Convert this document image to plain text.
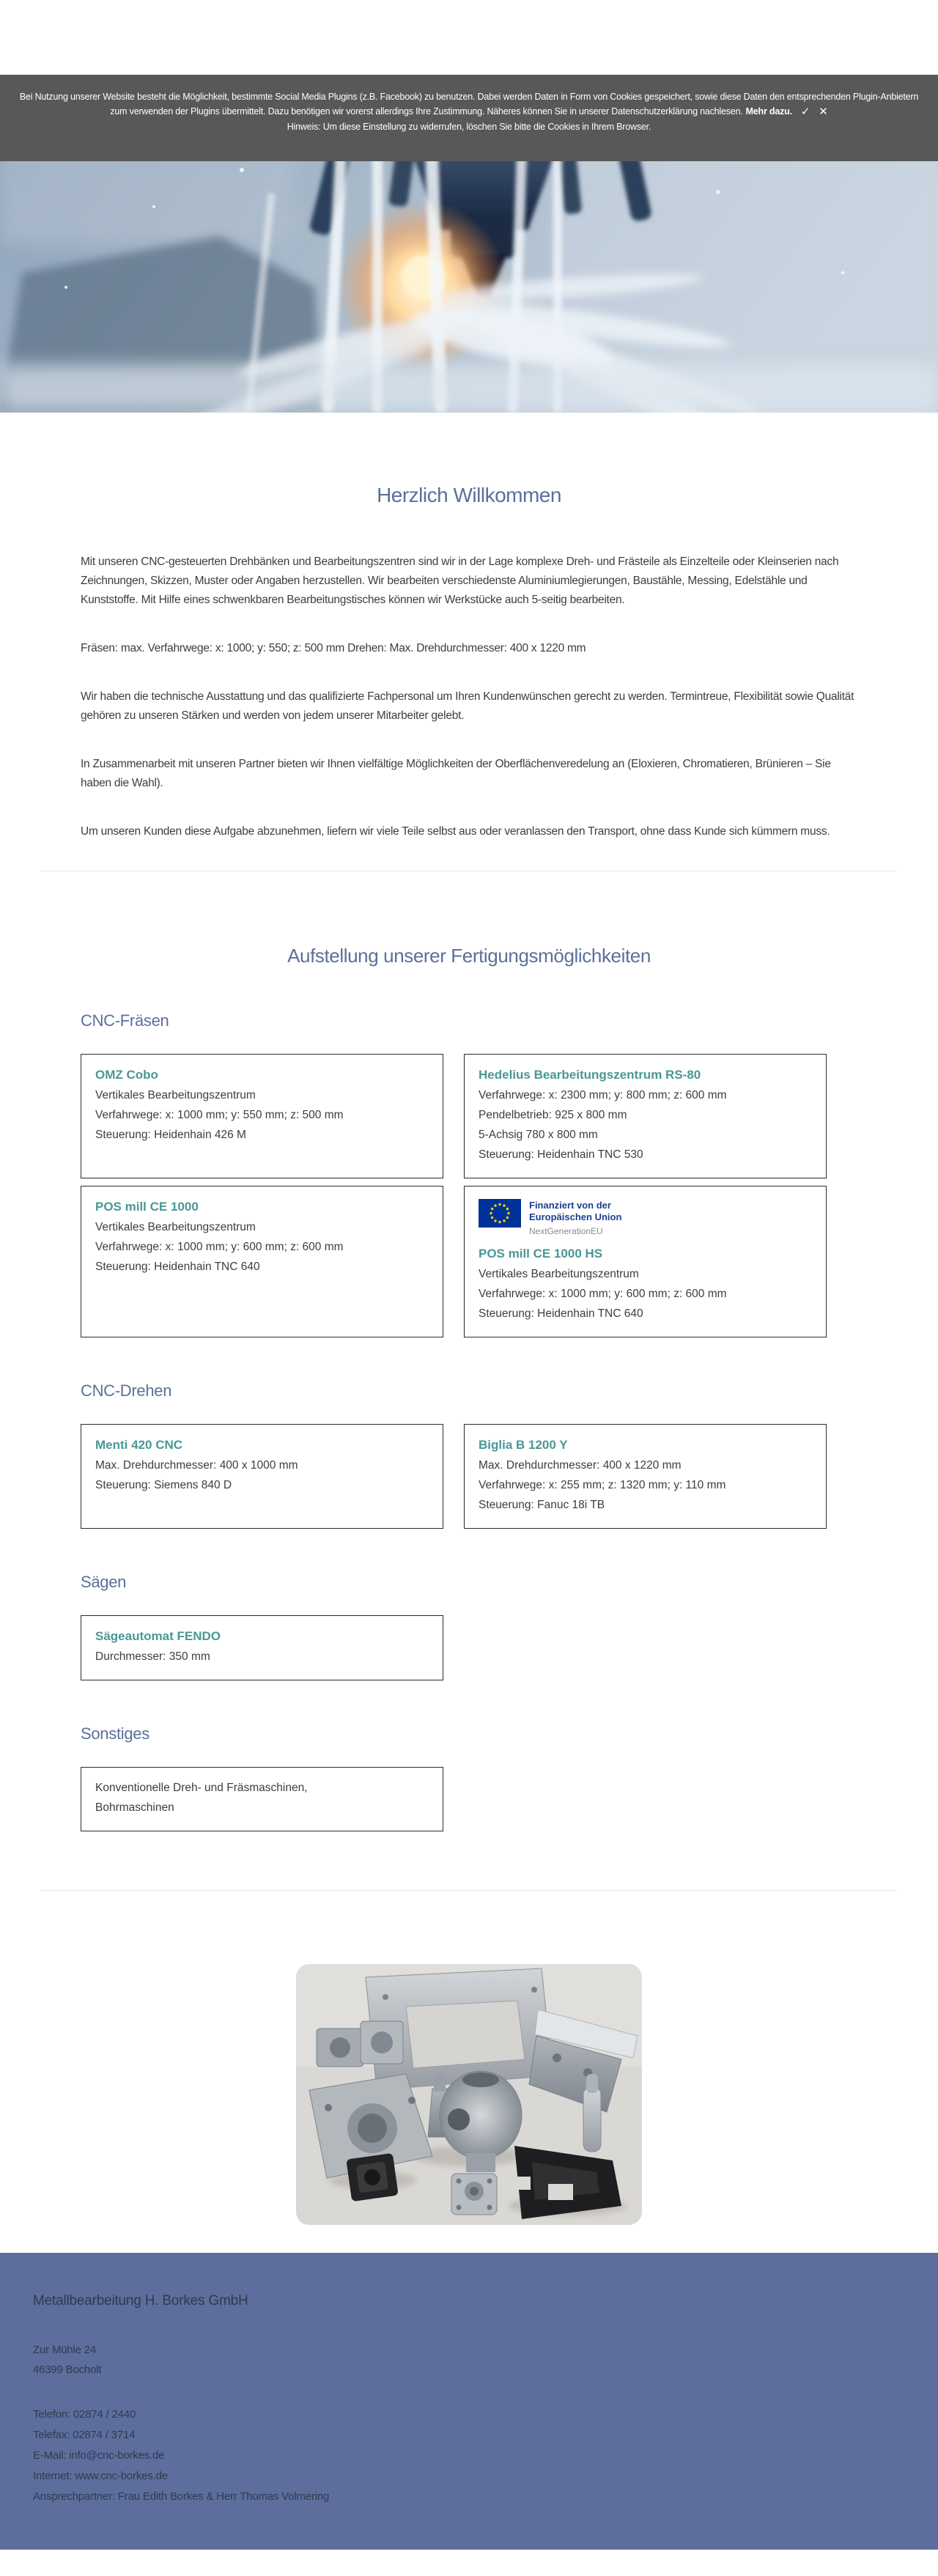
Bei Nutzung unserer Website besteht die Möglichkeit, bestimmte Social Media Plugins (z.B. Facebook) zu benutzen. Dabei werden Daten in Form von Cookies gespeichert, sowie diese Daten den entsprechenden Plugin-Anbietern zum verwenden der Plugins übermittelt. Dazu benötigen wir vorerst allerdings Ihre Zustimmung. Näheres können Sie in unserer Datenschutzerklärung nachlesen. Mehr dazu. ✓ ✕
Hinweis: Um diese Einstellung zu widerrufen, löschen Sie bitte die Cookies in Ihrem Browser.
Herzlich Willkommen

Mit unseren CNC-gesteuerten Drehbänken und Bearbeitungszentren sind wir in der Lage komplexe Dreh- und Frästeile als Einzelteile oder Kleinserien nach Zeichnungen, Skizzen, Muster oder Angaben herzustellen. Wir bearbeiten verschiedenste Aluminiumlegierungen, Baustähle, Messing, Edelstähle und Kunststoffe. Mit Hilfe eines schwenkbaren Bearbeitungstisches können wir Werkstücke auch 5-seitig bearbeiten.

Fräsen: max. Verfahrwege: x: 1000; y: 550; z: 500 mm Drehen: Max. Drehdurchmesser: 400 x 1220 mm

Wir haben die technische Ausstattung und das qualifizierte Fachpersonal um Ihren Kundenwünschen gerecht zu werden. Termintreue, Flexibilität sowie Qualität gehören zu unseren Stärken und werden von jedem unserer Mitarbeiter gelebt.

In Zusammenarbeit mit unseren Partner bieten wir Ihnen vielfältige Möglichkeiten der Oberflächenveredelung an (Eloxieren, Chromatieren, Brünieren – Sie haben die Wahl).

Um unseren Kunden diese Aufgabe abzunehmen, liefern wir viele Teile selbst aus oder veranlassen den Transport, ohne dass Kunde sich kümmern muss.

Aufstellung unserer Fertigungsmöglichkeiten
CNC-Fräsen

OMZ Cobo

Vertikales Bearbeitungszentrum

Verfahrwege: x: 1000 mm; y: 550 mm; z: 500 mm

Steuerung: Heidenhain 426 M

Hedelius Bearbeitungszentrum RS-80

Verfahrwege: x: 2300 mm; y: 800 mm; z: 600 mm

Pendelbetrieb: 925 x 800 mm

5-Achsig 780 x 800 mm

Steuerung: Heidenhain TNC 530

POS mill CE 1000

Vertikales Bearbeitungszentrum

Verfahrwege: x: 1000 mm; y: 600 mm; z: 600 mm

Steuerung: Heidenhain TNC 640

Finanziert von der
Europäischen Union
NextGenerationEU

POS mill CE 1000 HS

Vertikales Bearbeitungszentrum

Verfahrwege: x: 1000 mm; y: 600 mm; z: 600 mm

Steuerung: Heidenhain TNC 640

CNC-Drehen

Menti 420 CNC

Max. Drehdurchmesser: 400 x 1000 mm

Steuerung: Siemens 840 D

Biglia B 1200 Y

Max. Drehdurchmesser: 400 x 1220 mm

Verfahrwege: x: 255 mm; z: 1320 mm; y: 110 mm

Steuerung: Fanuc 18i TB

Sägen

Sägeautomat FENDO

Durchmesser: 350 mm

Sonstiges

Konventionelle Dreh- und Fräsmaschinen,

Bohrmaschinen

Metallbearbeitung H. Borkes GmbH
Zur Mühle 24
46399 Bocholt
Telefon: 02874 / 2440
Telefax: 02874 / 3714
E-Mail: info@cnc-borkes.de
Internet: www.cnc-borkes.de
Ansprechpartner: Frau Edith Borkes & Herr Thomas Volmering
